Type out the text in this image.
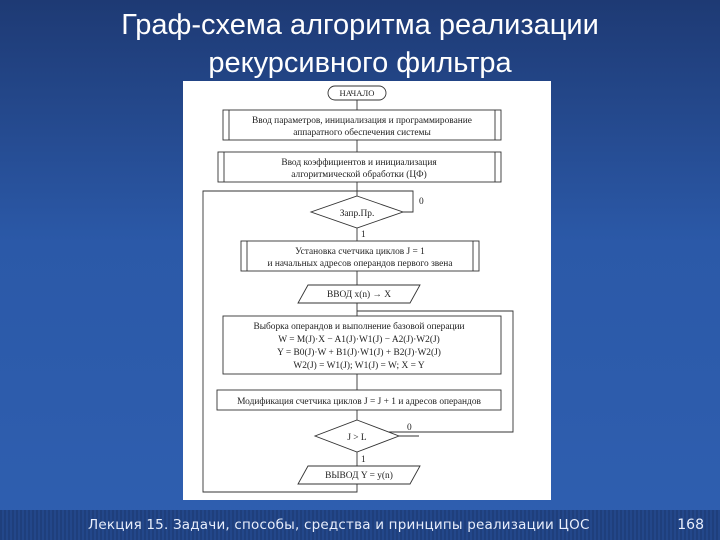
Граф-схема алгоритма реализации рекурсивного фильтра
НАЧАЛО
Ввод параметров, инициализация и программирование
аппаратного обеспечения системы
Ввод коэффициентов и инициализация
алгоритмической обработки (ЦФ)
Запр.Пр.
0
1
Установка счетчика циклов J = 1
и начальных адресов операндов первого звена
ВВОД x(n) → X
Выборка операндов и выполнение базовой операции
W = M(J)·X − A1(J)·W1(J) − A2(J)·W2(J)
Y = B0(J)·W + B1(J)·W1(J) + B2(J)·W2(J)
W2(J) = W1(J); W1(J) = W; X = Y
Модификация счетчика циклов J = J + 1 и адресов операндов
J > L
0
1
ВЫВОД Y = y(n)
Лекция 15. Задачи, способы, средства и принципы реализации ЦОС	168
